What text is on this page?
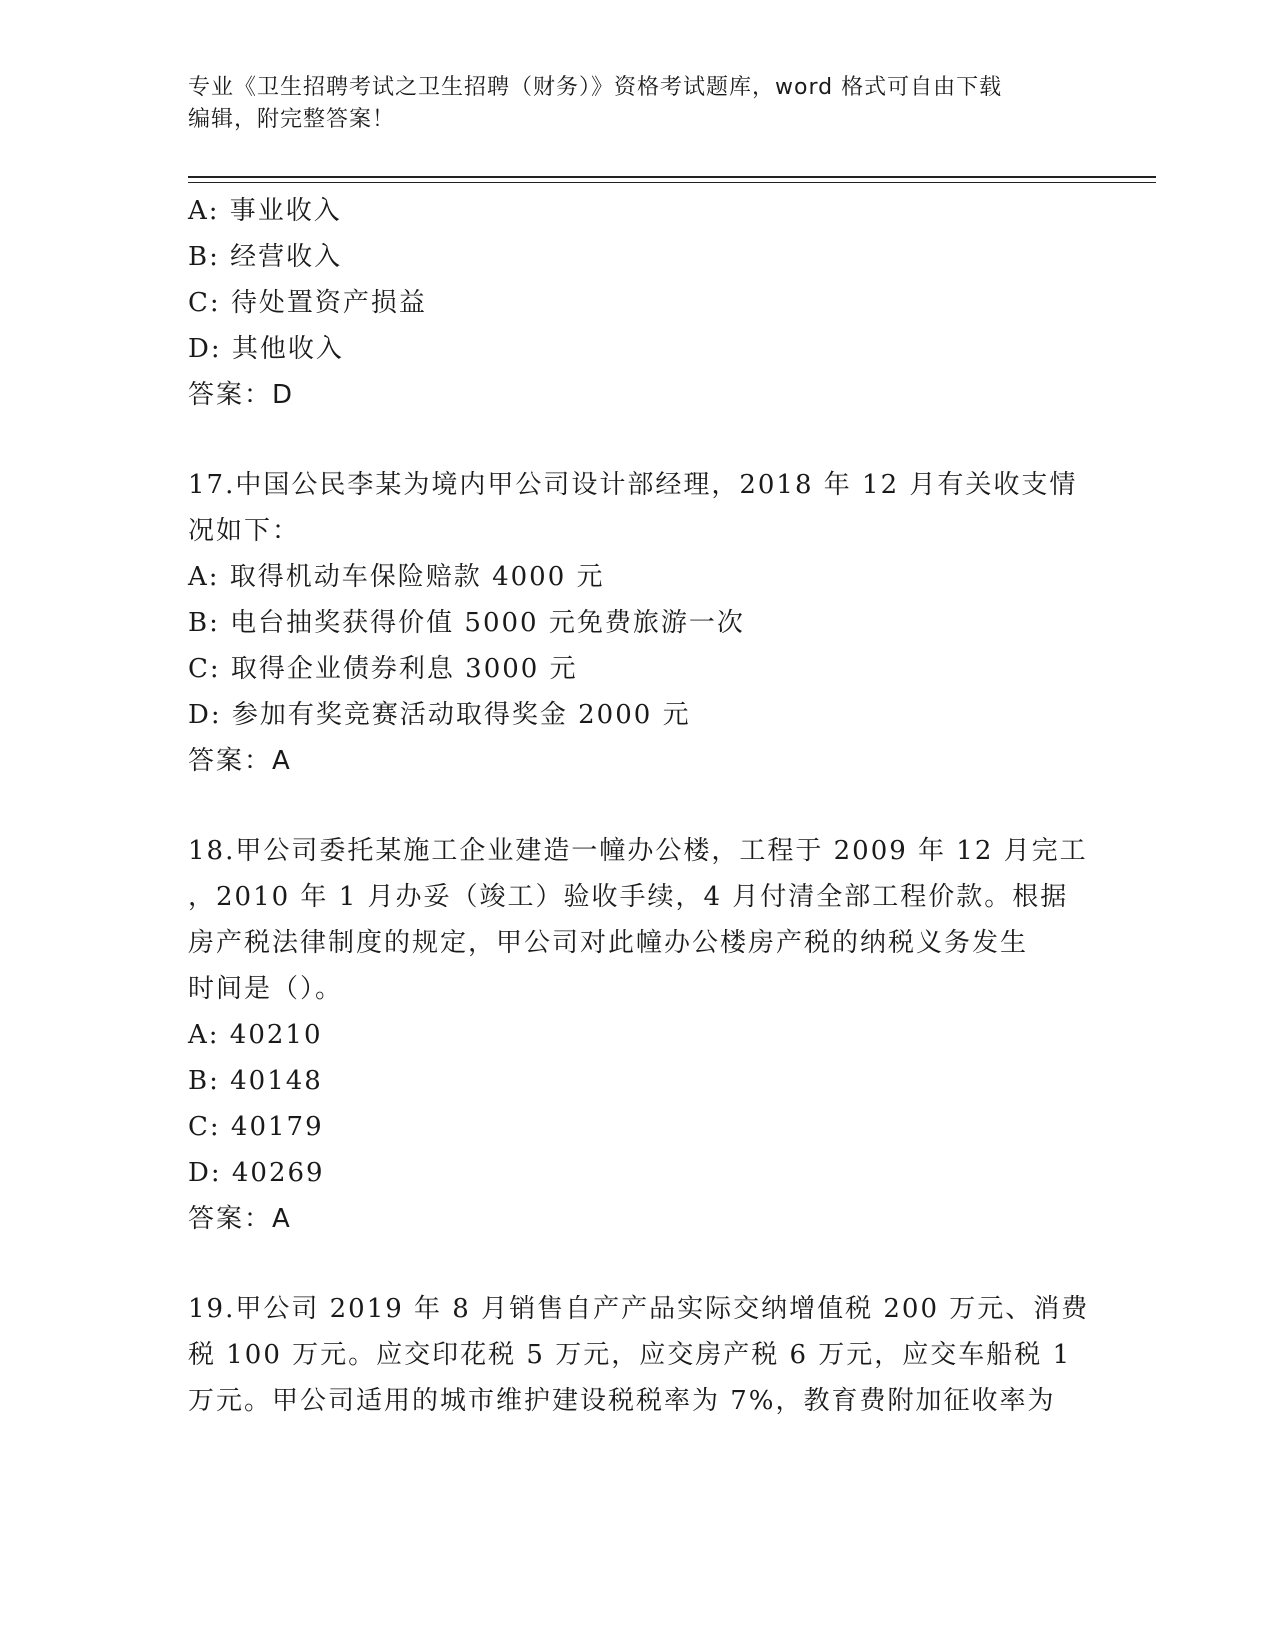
专业《卫生招聘考试之卫生招聘（财务）》资格考试题库，word 格式可自由下载
编辑，附完整答案！
A: 事业收入
B: 经营收入
C: 待处置资产损益
D: 其他收入
答案：D
17.中国公民李某为境内甲公司设计部经理，2018 年 12 月有关收支情
况如下：
A: 取得机动车保险赔款 4000 元
B: 电台抽奖获得价值 5000 元免费旅游一次
C: 取得企业债券利息 3000 元
D: 参加有奖竞赛活动取得奖金 2000 元
答案：A
18.甲公司委托某施工企业建造一幢办公楼，工程于 2009 年 12 月完工
，2010 年 1 月办妥（竣工）验收手续，4 月付清全部工程价款。根据
房产税法律制度的规定，甲公司对此幢办公楼房产税的纳税义务发生
时间是（）。
A: 40210
B: 40148
C: 40179
D: 40269
答案：A
19.甲公司 2019 年 8 月销售自产产品实际交纳增值税 200 万元、消费
税 100 万元。应交印花税 5 万元，应交房产税 6 万元，应交车船税 1
万元。甲公司适用的城市维护建设税税率为 7%，教育费附加征收率为
